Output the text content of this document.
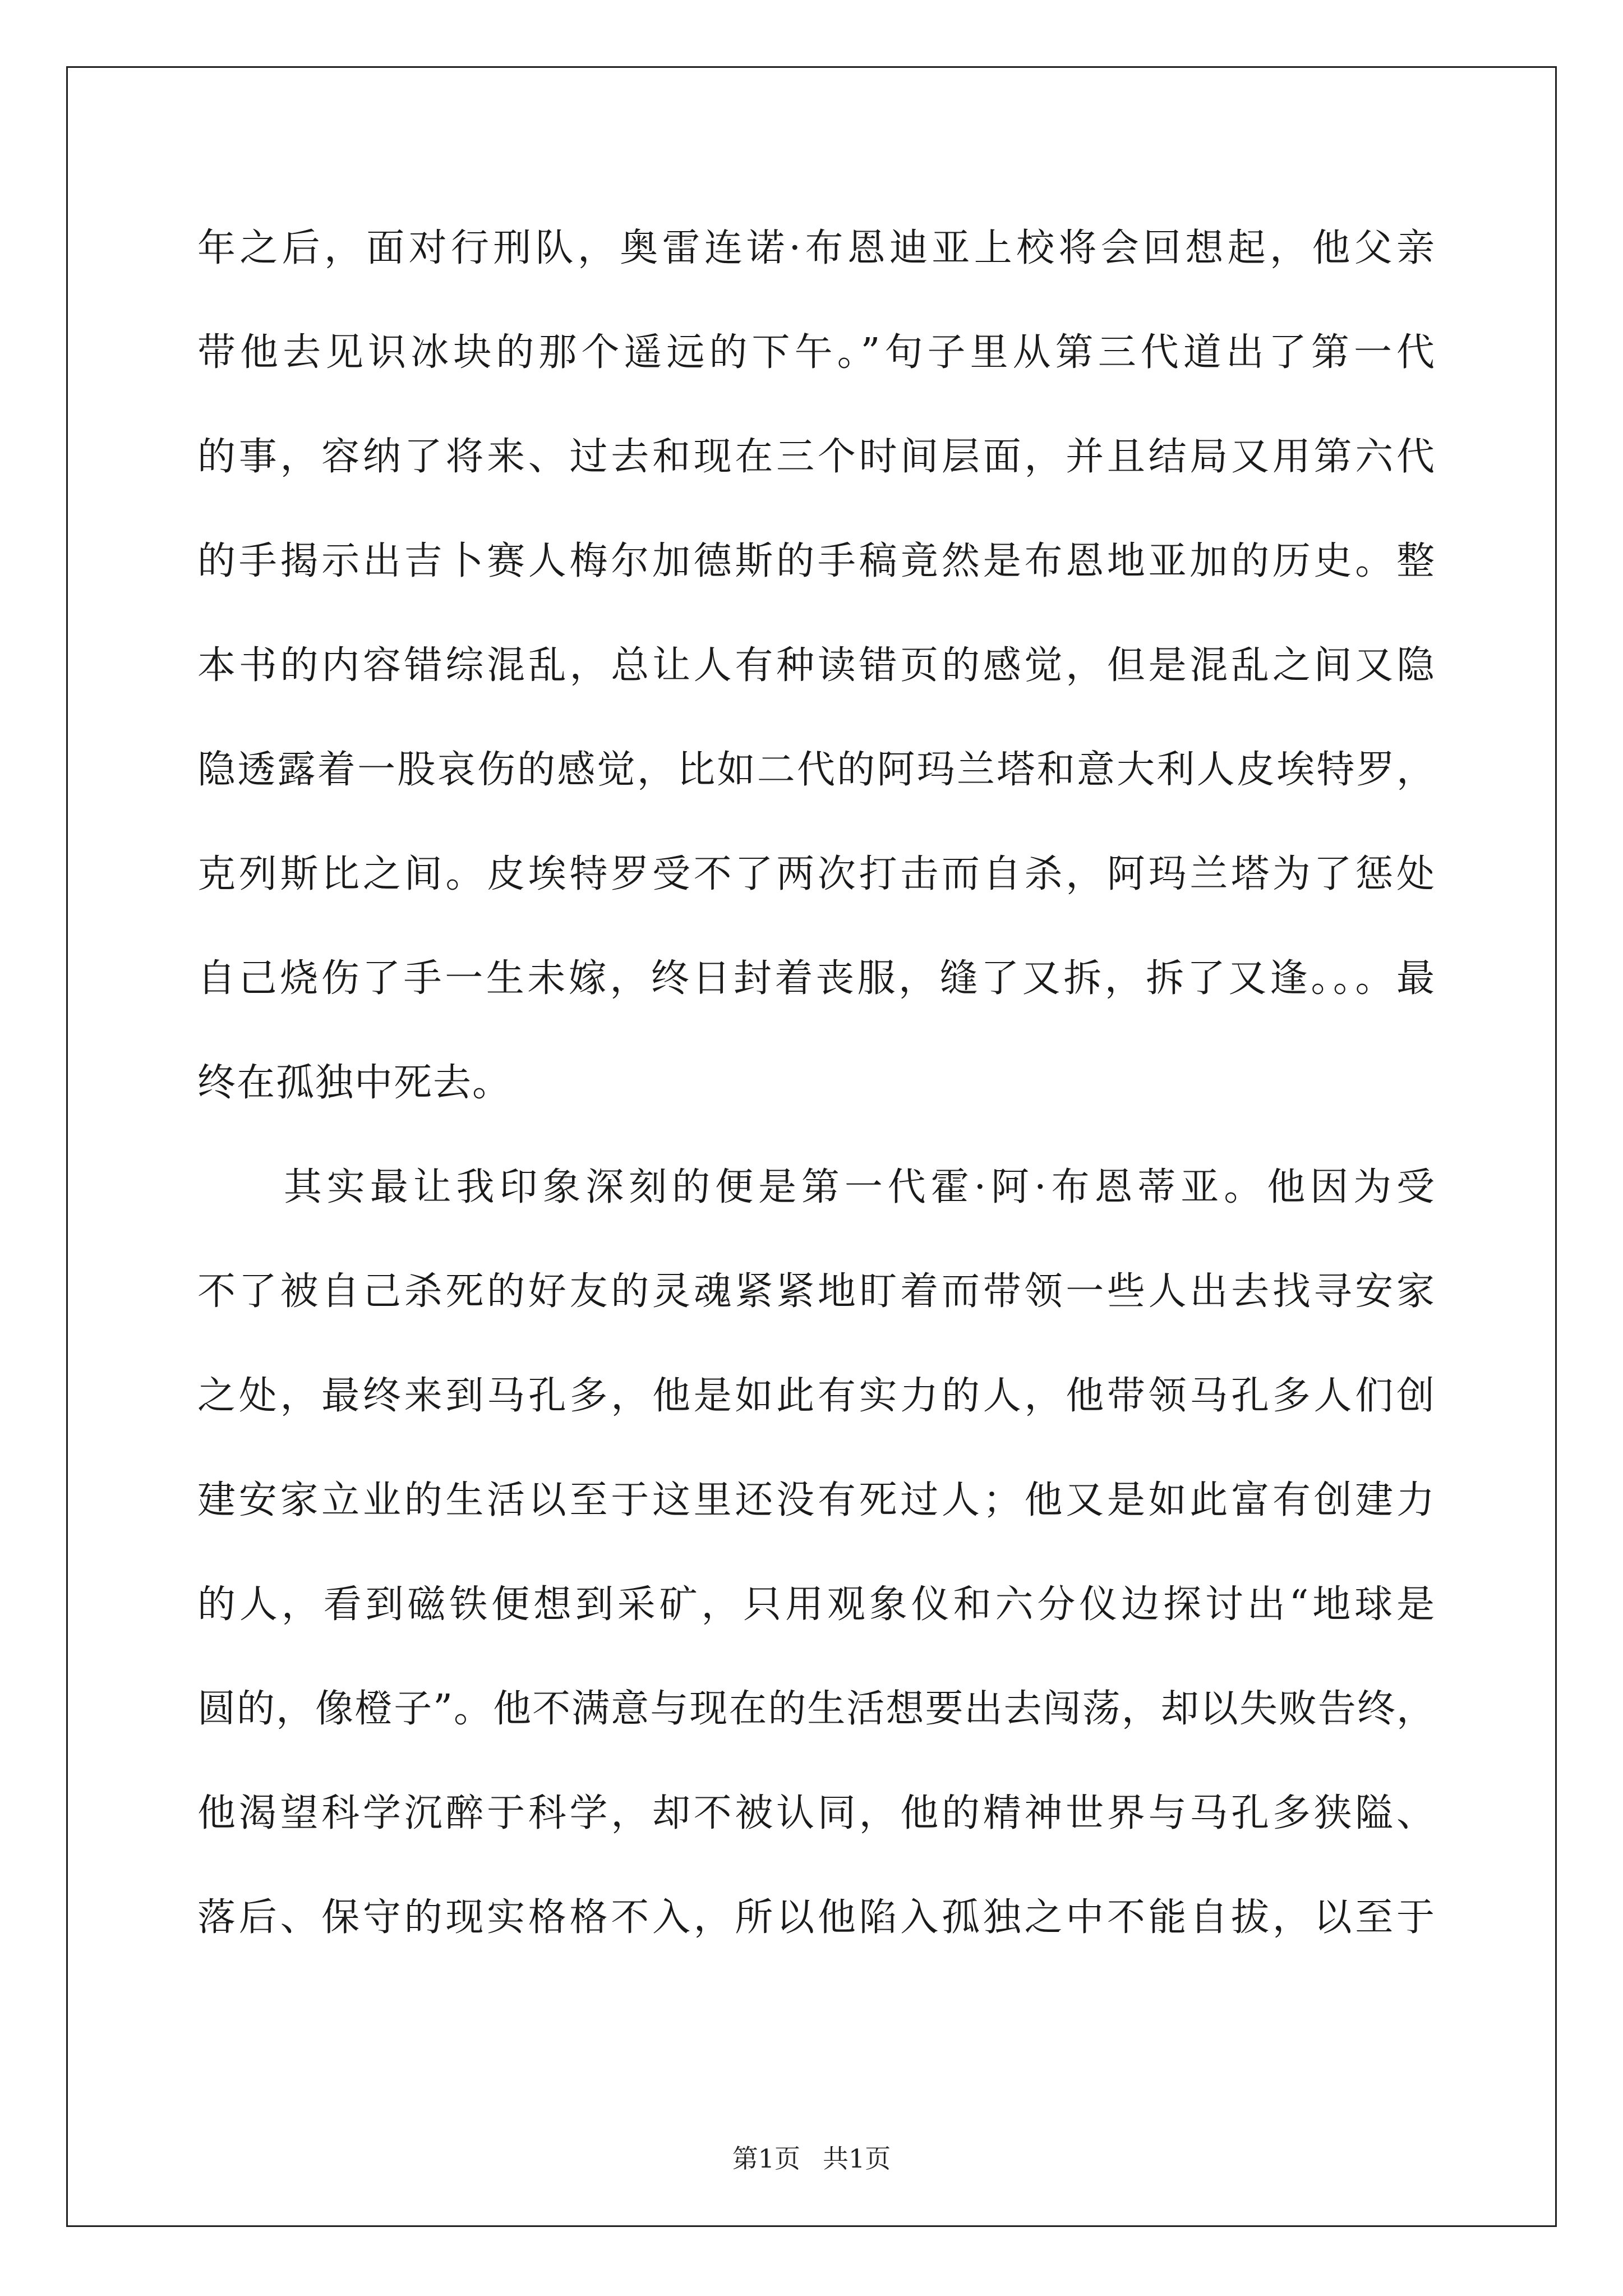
年之后，面对行刑队，奥雷连诺·布恩迪亚上校将会回想起，他父亲
带他去见识冰块的那个遥远的下午。”句子里从第三代道出了第一代
的事，容纳了将来、过去和现在三个时间层面，并且结局又用第六代
的手揭示出吉卜赛人梅尔加德斯的手稿竟然是布恩地亚加的历史。整
本书的内容错综混乱，总让人有种读错页的感觉，但是混乱之间又隐
隐透露着一股哀伤的感觉，比如二代的阿玛兰塔和意大利人皮埃特罗，
克列斯比之间。皮埃特罗受不了两次打击而自杀，阿玛兰塔为了惩处
自己烧伤了手一生未嫁，终日封着丧服，缝了又拆，拆了又逢。。。最
终在孤独中死去。
　　其实最让我印象深刻的便是第一代霍·阿·布恩蒂亚。他因为受
不了被自己杀死的好友的灵魂紧紧地盯着而带领一些人出去找寻安家
之处，最终来到马孔多，他是如此有实力的人，他带领马孔多人们创
建安家立业的生活以至于这里还没有死过人；他又是如此富有创建力
的人，看到磁铁便想到采矿，只用观象仪和六分仪边探讨出“地球是
圆的，像橙子”。他不满意与现在的生活想要出去闯荡，却以失败告终，
他渴望科学沉醉于科学，却不被认同，他的精神世界与马孔多狭隘、
落后、保守的现实格格不入，所以他陷入孤独之中不能自拔，以至于
第1页 共1页
